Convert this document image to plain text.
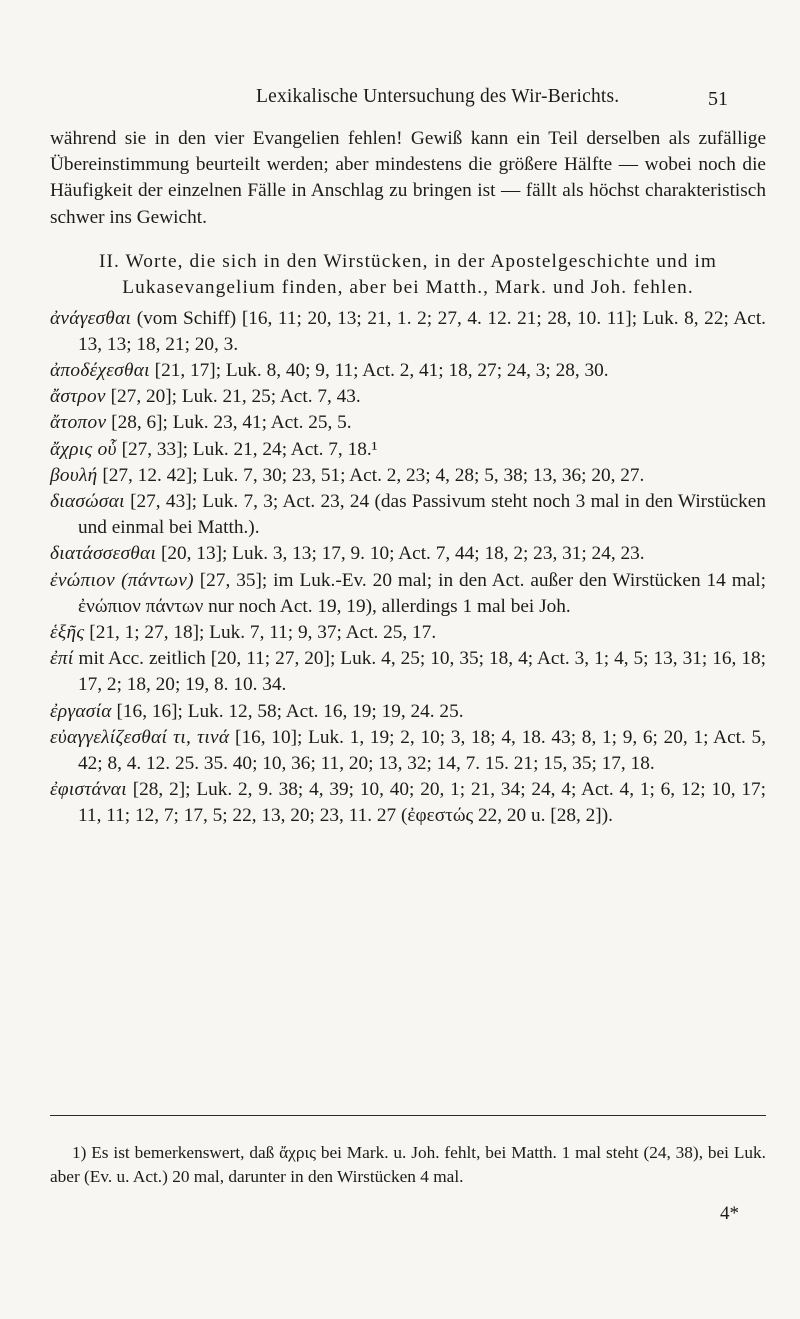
Lexikalische Untersuchung des Wir-Berichts.	51

während sie in den vier Evangelien fehlen! Gewiß kann ein Teil derselben als zufällige Übereinstimmung beurteilt werden; aber mindestens die größere Hälfte — wobei noch die Häufigkeit der einzelnen Fälle in Anschlag zu bringen ist — fällt als höchst charakteristisch schwer ins Gewicht.

II. Worte, die sich in den Wirstücken, in der Apostelgeschichte und im Lukasevangelium finden, aber bei Matth., Mark. und Joh. fehlen.

ἀνάγεσθαι (vom Schiff) [16, 11; 20, 13; 21, 1. 2; 27, 4. 12. 21; 28, 10. 11]; Luk. 8, 22; Act. 13, 13; 18, 21; 20, 3.

ἀποδέχεσθαι [21, 17]; Luk. 8, 40; 9, 11; Act. 2, 41; 18, 27; 24, 3; 28, 30.

ἄστρον [27, 20]; Luk. 21, 25; Act. 7, 43.

ἄτοπον [28, 6]; Luk. 23, 41; Act. 25, 5.

ἄχρις οὗ [27, 33]; Luk. 21, 24; Act. 7, 18.¹

βουλή [27, 12. 42]; Luk. 7, 30; 23, 51; Act. 2, 23; 4, 28; 5, 38; 13, 36; 20, 27.

διασώσαι [27, 43]; Luk. 7, 3; Act. 23, 24 (das Passivum steht noch 3 mal in den Wirstücken und einmal bei Matth.).

διατάσσεσθαι [20, 13]; Luk. 3, 13; 17, 9. 10; Act. 7, 44; 18, 2; 23, 31; 24, 23.

ἐνώπιον (πάντων) [27, 35]; im Luk.-Ev. 20 mal; in den Act. außer den Wirstücken 14 mal; ἐνώπιον πάντων nur noch Act. 19, 19), allerdings 1 mal bei Joh.

ἑξῆς [21, 1; 27, 18]; Luk. 7, 11; 9, 37; Act. 25, 17.

ἐπί mit Acc. zeitlich [20, 11; 27, 20]; Luk. 4, 25; 10, 35; 18, 4; Act. 3, 1; 4, 5; 13, 31; 16, 18; 17, 2; 18, 20; 19, 8. 10. 34.

ἐργασία [16, 16]; Luk. 12, 58; Act. 16, 19; 19, 24. 25.

εὐαγγελίζεσθαί τι, τινά [16, 10]; Luk. 1, 19; 2, 10; 3, 18; 4, 18. 43; 8, 1; 9, 6; 20, 1; Act. 5, 42; 8, 4. 12. 25. 35. 40; 10, 36; 11, 20; 13, 32; 14, 7. 15. 21; 15, 35; 17, 18.

ἐφιστάναι [28, 2]; Luk. 2, 9. 38; 4, 39; 10, 40; 20, 1; 21, 34; 24, 4; Act. 4, 1; 6, 12; 10, 17; 11, 11; 12, 7; 17, 5; 22, 13, 20; 23, 11. 27 (ἐφεστώς 22, 20 u. [28, 2]).

1) Es ist bemerkenswert, daß ἄχρις bei Mark. u. Joh. fehlt, bei Matth. 1 mal steht (24, 38), bei Luk. aber (Ev. u. Act.) 20 mal, darunter in den Wirstücken 4 mal.

4*
